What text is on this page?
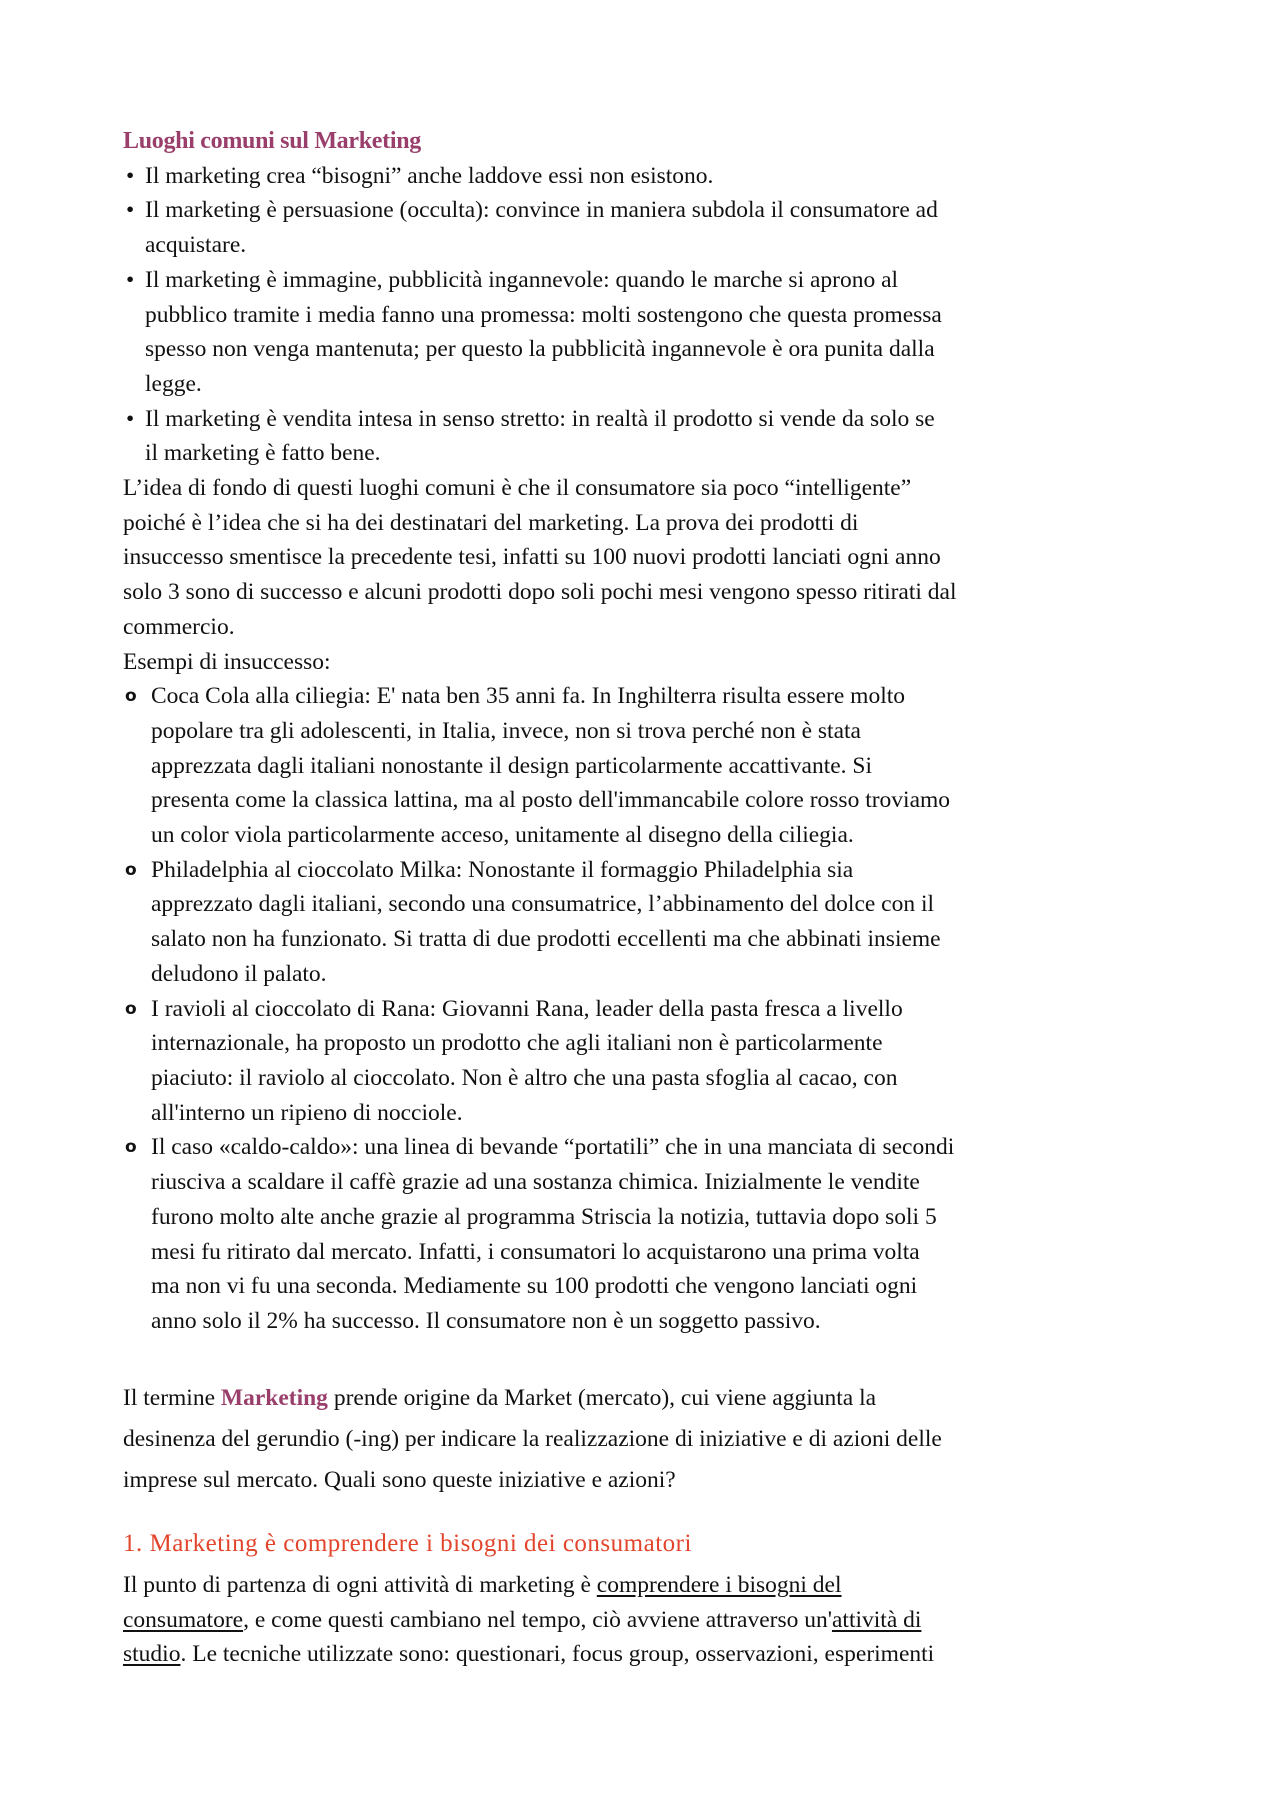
Luoghi comuni sul Marketing
• Il marketing crea “bisogni” anche laddove essi non esistono.
• Il marketing è persuasione (occulta): convince in maniera subdola il consumatore ad
acquistare.
• Il marketing è immagine, pubblicità ingannevole: quando le marche si aprono al
pubblico tramite i media fanno una promessa: molti sostengono che questa promessa
spesso non venga mantenuta; per questo la pubblicità ingannevole è ora punita dalla
legge.
• Il marketing è vendita intesa in senso stretto: in realtà il prodotto si vende da solo se
il marketing è fatto bene.
L’idea di fondo di questi luoghi comuni è che il consumatore sia poco “intelligente”
poiché è l’idea che si ha dei destinatari del marketing. La prova dei prodotti di
insuccesso smentisce la precedente tesi, infatti su 100 nuovi prodotti lanciati ogni anno
solo 3 sono di successo e alcuni prodotti dopo soli pochi mesi vengono spesso ritirati dal
commercio.
Esempi di insuccesso:
o Coca Cola alla ciliegia: E' nata ben 35 anni fa. In Inghilterra risulta essere molto
popolare tra gli adolescenti, in Italia, invece, non si trova perché non è stata
apprezzata dagli italiani nonostante il design particolarmente accattivante. Si
presenta come la classica lattina, ma al posto dell'immancabile colore rosso troviamo
un color viola particolarmente acceso, unitamente al disegno della ciliegia.
o Philadelphia al cioccolato Milka: Nonostante il formaggio Philadelphia sia
apprezzato dagli italiani, secondo una consumatrice, l’abbinamento del dolce con il
salato non ha funzionato. Si tratta di due prodotti eccellenti ma che abbinati insieme
deludono il palato.
o I ravioli al cioccolato di Rana: Giovanni Rana, leader della pasta fresca a livello
internazionale, ha proposto un prodotto che agli italiani non è particolarmente
piaciuto: il raviolo al cioccolato. Non è altro che una pasta sfoglia al cacao, con
all'interno un ripieno di nocciole.
o Il caso «caldo-caldo»: una linea di bevande “portatili” che in una manciata di secondi
riusciva a scaldare il caffè grazie ad una sostanza chimica. Inizialmente le vendite
furono molto alte anche grazie al programma Striscia la notizia, tuttavia dopo soli 5
mesi fu ritirato dal mercato. Infatti, i consumatori lo acquistarono una prima volta
ma non vi fu una seconda. Mediamente su 100 prodotti che vengono lanciati ogni
anno solo il 2% ha successo. Il consumatore non è un soggetto passivo.
Il termine Marketing prende origine da Market (mercato), cui viene aggiunta la
desinenza del gerundio (-ing) per indicare la realizzazione di iniziative e di azioni delle
imprese sul mercato. Quali sono queste iniziative e azioni?
1. Marketing è comprendere i bisogni dei consumatori
Il punto di partenza di ogni attività di marketing è comprendere i bisogni del
consumatore, e come questi cambiano nel tempo, ciò avviene attraverso un'attività di
studio. Le tecniche utilizzate sono: questionari, focus group, osservazioni, esperimenti
